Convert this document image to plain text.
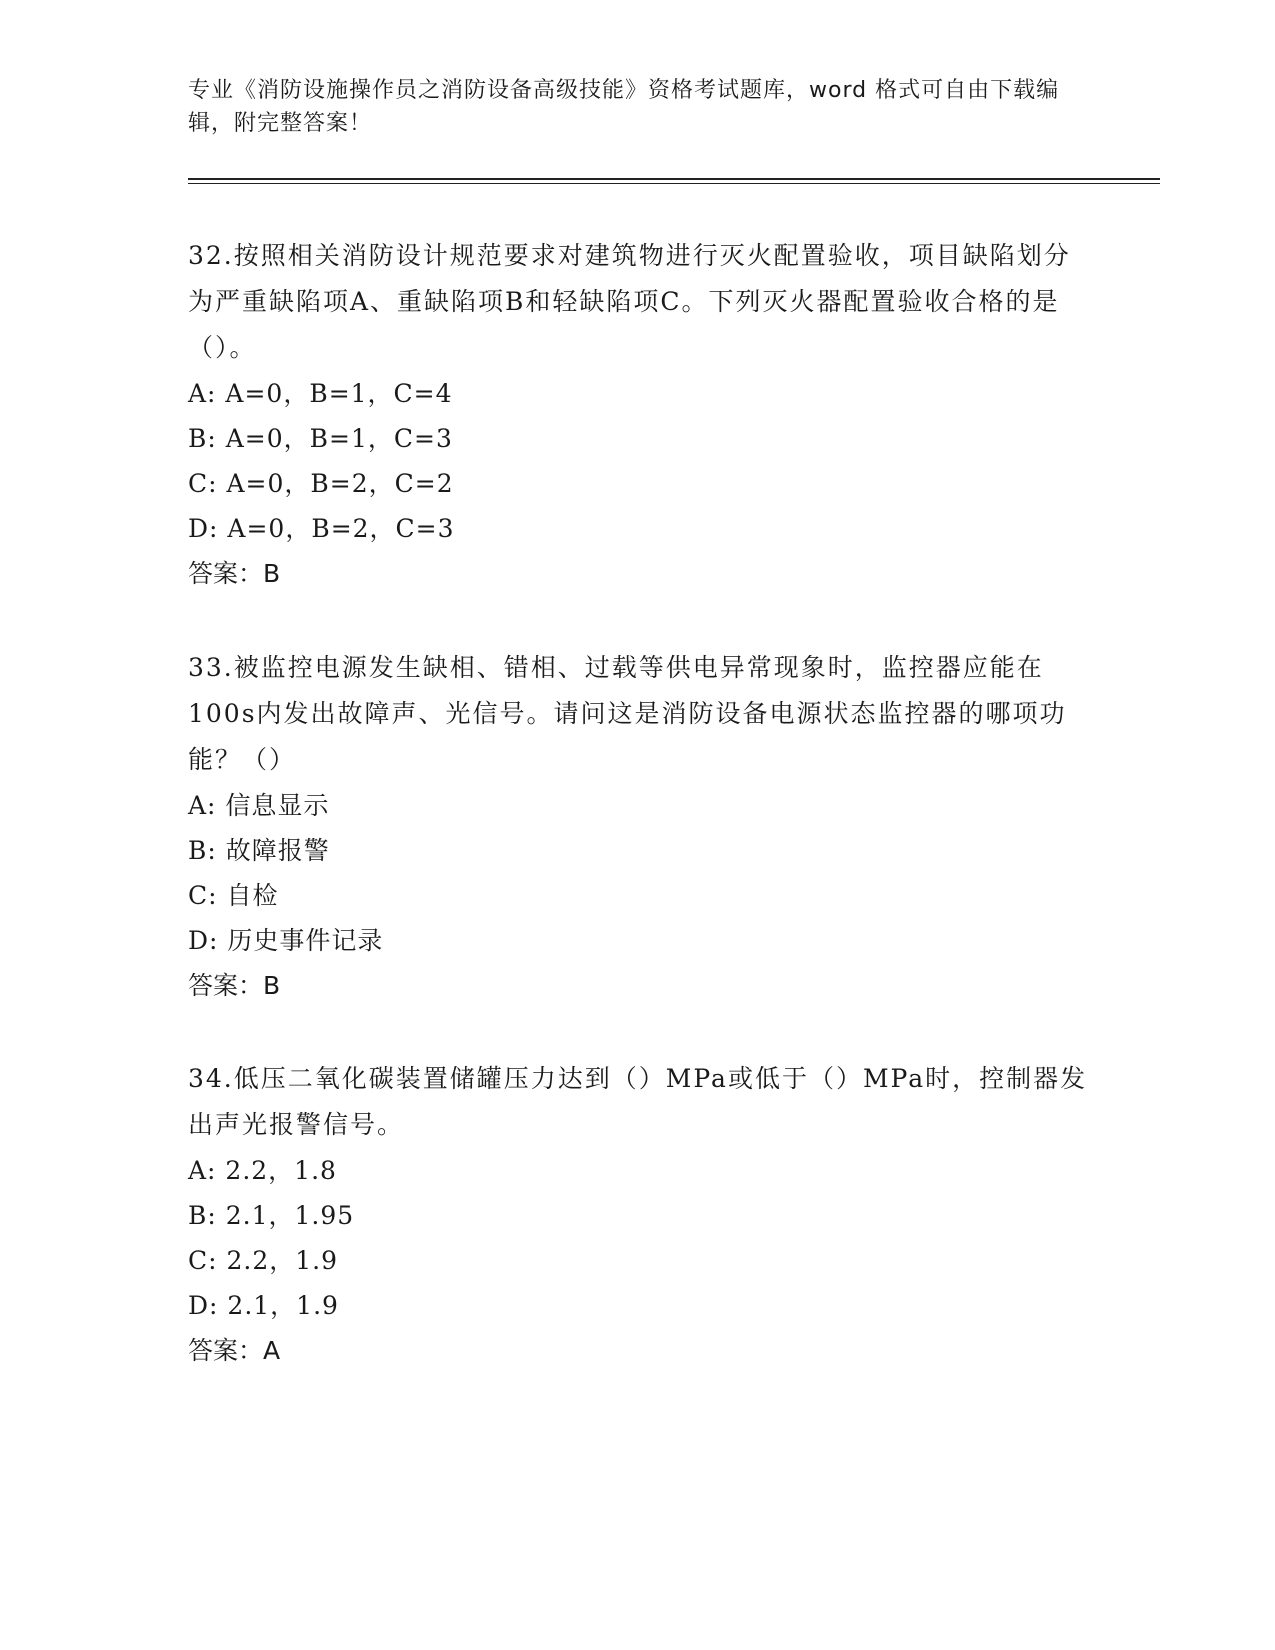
专业《消防设施操作员之消防设备高级技能》资格考试题库，word 格式可自由下载编辑，附完整答案！

32.按照相关消防设计规范要求对建筑物进行灭火配置验收，项目缺陷划分为严重缺陷项A、重缺陷项B和轻缺陷项C。下列灭火器配置验收合格的是（）。

A: A=0，B=1，C=4

B: A=0，B=1，C=3

C: A=0，B=2，C=2

D: A=0，B=2，C=3

答案：B

33.被监控电源发生缺相、错相、过载等供电异常现象时，监控器应能在100s内发出故障声、光信号。请问这是消防设备电源状态监控器的哪项功能？（）

A: 信息显示

B: 故障报警

C: 自检

D: 历史事件记录

答案：B

34.低压二氧化碳装置储罐压力达到（）MPa或低于（）MPa时，控制器发出声光报警信号。

A: 2.2，1.8

B: 2.1，1.95

C: 2.2，1.9

D: 2.1，1.9

答案：A
